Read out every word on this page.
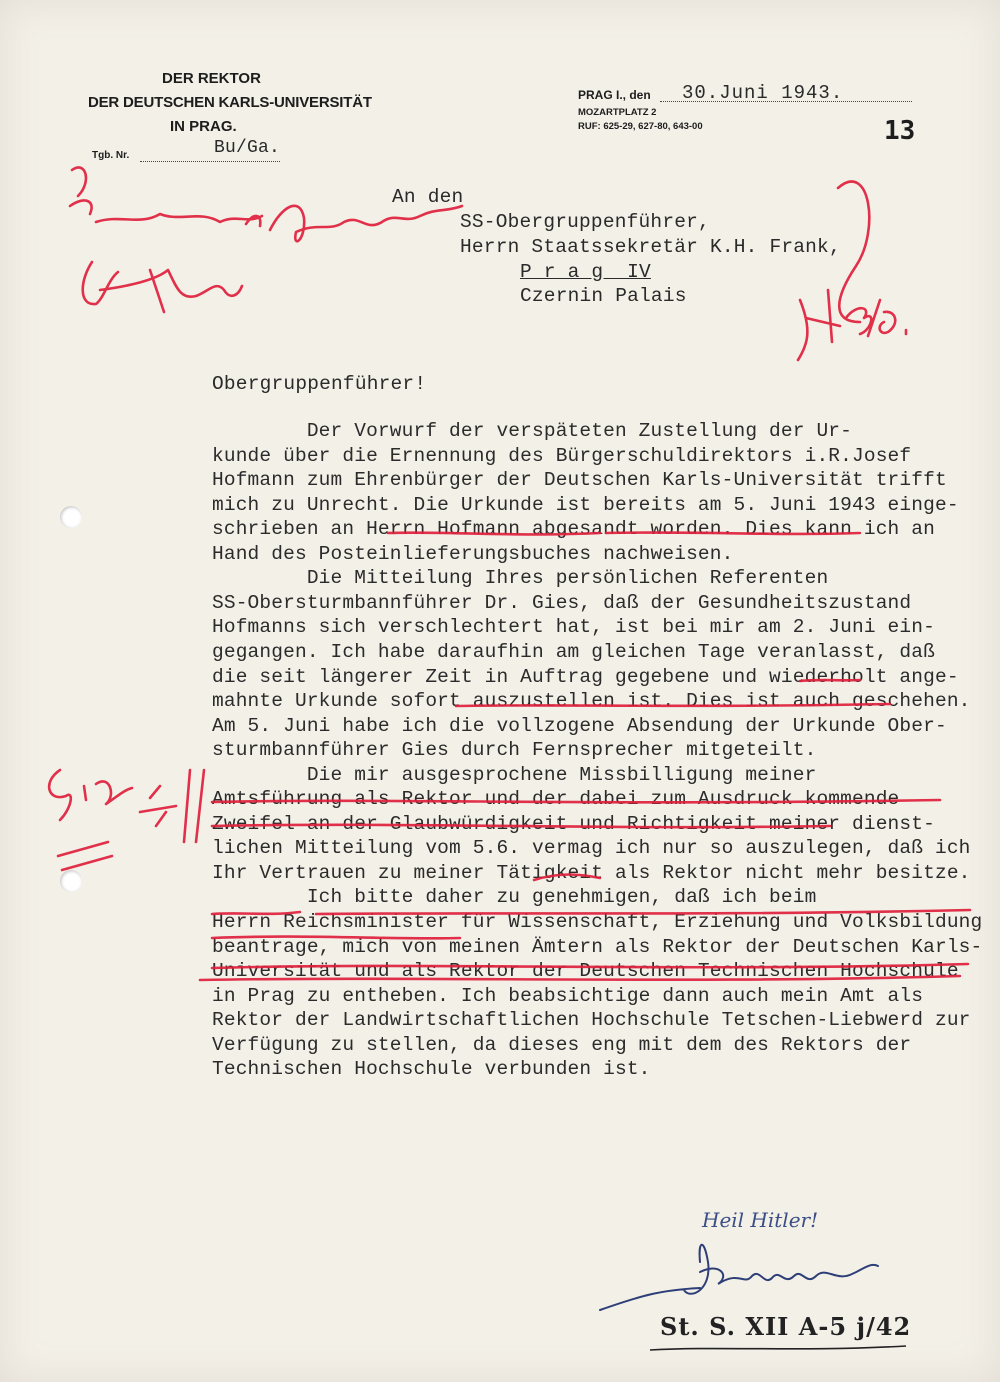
DER REKTOR
DER DEUTSCHEN KARLS-UNIVERSITÄT
IN PRAG.
Tgb. Nr.	Bu/Ga.
PRAG I., den 30.Juni 1943.
MOZARTPLATZ 2
RUF: 625-29, 627-80, 643-00	13
An den
SS-Obergruppenführer,
Herrn Staatssekretär K.H. Frank,
P r a g  IV
Czernin Palais
Obergruppenführer!
Der Vorwurf der verspäteten Zustellung der Ur-
kunde über die Ernennung des Bürgerschuldirektors i.R.Josef
Hofmann zum Ehrenbürger der Deutschen Karls-Universität trifft
mich zu Unrecht. Die Urkunde ist bereits am 5. Juni 1943 einge-
schrieben an Herrn Hofmann abgesandt worden. Dies kann ich an
Hand des Posteinlieferungsbuches nachweisen.
Die Mitteilung Ihres persönlichen Referenten
SS-Obersturmbannführer Dr. Gies, daß der Gesundheitszustand
Hofmanns sich verschlechtert hat, ist bei mir am 2. Juni ein-
gegangen. Ich habe daraufhin am gleichen Tage veranlasst, daß
die seit längerer Zeit in Auftrag gegebene und wiederholt ange-
mahnte Urkunde sofort auszustellen ist. Dies ist auch geschehen.
Am 5. Juni habe ich die vollzogene Absendung der Urkunde Ober-
sturmbannführer Gies durch Fernsprecher mitgeteilt.
Die mir ausgesprochene Missbilligung meiner
Amtsführung als Rektor und der dabei zum Ausdruck kommende
Zweifel an der Glaubwürdigkeit und Richtigkeit meiner dienst-
lichen Mitteilung vom 5.6. vermag ich nur so auszulegen, daß ich
Ihr Vertrauen zu meiner Tätigkeit als Rektor nicht mehr besitze.
Ich bitte daher zu genehmigen, daß ich beim
Herrn Reichsminister für Wissenschaft, Erziehung und Volksbildung
beantrage, mich von meinen Ämtern als Rektor der Deutschen Karls-
Universität und als Rektor der Deutschen Technischen Hochschule
in Prag zu entheben. Ich beabsichtige dann auch mein Amt als
Rektor der Landwirtschaftlichen Hochschule Tetschen-Liebwerd zur
Verfügung zu stellen, da dieses eng mit dem des Rektors der
Technischen Hochschule verbunden ist.
Heil Hitler!
St. S. XII A-5 j/42
